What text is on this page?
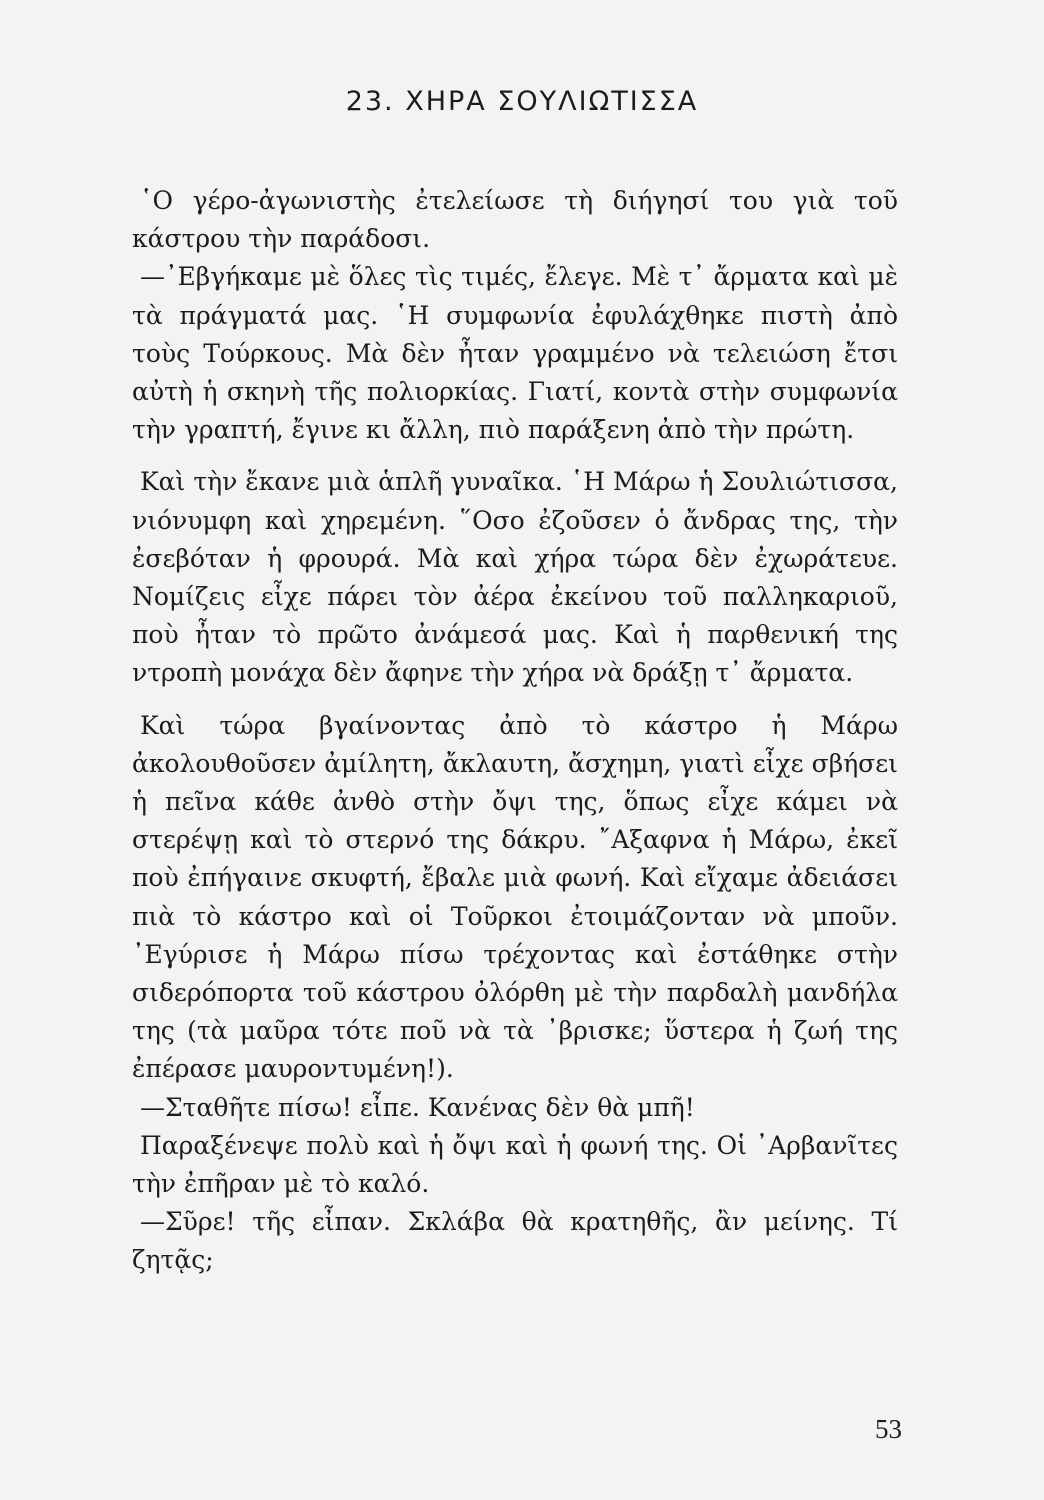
23. ΧΗΡΑ ΣΟΥΛΙΩΤΙΣΣΑ

῾Ο γέρο-ἀγωνιστὴς ἐτελείωσε τὴ διήγησί του γιὰ τοῦ κάστρου τὴν παράδοσι.

—᾿Εβγήκαμε μὲ ὅλες τὶς τιμές, ἔλεγε. Μὲ τ᾿ ἄρματα καὶ μὲ τὰ πράγματά μας. ῾Η συμφωνία ἐφυλάχθηκε πιστὴ ἀπὸ τοὺς Τούρκους. Μὰ δὲν ἦταν γραμμένο νὰ τελειώση ἔτσι αὐτὴ ἡ σκηνὴ τῆς πολιορκίας. Γιατί, κοντὰ στὴν συμφωνία τὴν γραπτή, ἔγινε κι ἄλλη, πιὸ παράξενη ἀπὸ τὴν πρώτη.

Καὶ τὴν ἔκανε μιὰ ἁπλῆ γυναῖκα. ῾Η Μάρω ἡ Σουλιώτισσα, νιόνυμφη καὶ χηρεμένη. ῞Οσο ἐζοῦσεν ὁ ἄνδρας της, τὴν ἐσεβόταν ἡ φρουρά. Μὰ καὶ χήρα τώρα δὲν ἐχωράτευε. Νομίζεις εἶχε πάρει τὸν ἀέρα ἐκείνου τοῦ παλληκαριοῦ, ποὺ ἦταν τὸ πρῶτο ἀνάμεσά μας. Καὶ ἡ παρθενική της ντροπὴ μονάχα δὲν ἄφηνε τὴν χήρα νὰ δράξῃ τ᾿ ἄρματα.

Καὶ τώρα βγαίνοντας ἀπὸ τὸ κάστρο ἡ Μάρω ἀκολουθοῦσεν ἀμίλητη, ἄκλαυτη, ἄσχημη, γιατὶ εἶχε σβήσει ἡ πεῖνα κάθε ἀνθὸ στὴν ὄψι της, ὅπως εἶχε κάμει νὰ στερέψῃ καὶ τὸ στερνό της δάκρυ. ῎Αξαφνα ἡ Μάρω, ἐκεῖ ποὺ ἐπήγαινε σκυφτή, ἔβαλε μιὰ φωνή. Καὶ εἴχαμε ἀδειάσει πιὰ τὸ κάστρο καὶ οἱ Τοῦρκοι ἐτοιμάζονταν νὰ μποῦν. ᾿Εγύρισε ἡ Μάρω πίσω τρέχοντας καὶ ἐστάθηκε στὴν σιδερόπορτα τοῦ κάστρου ὀλόρθη μὲ τὴν παρδαλὴ μανδήλα της (τὰ μαῦρα τότε ποῦ νὰ τὰ ᾿βρισκε; ὕστερα ἡ ζωή της ἐπέρασε μαυροντυμένη!).

—Σταθῆτε πίσω! εἶπε. Κανένας δὲν θὰ μπῆ!

Παραξένεψε πολὺ καὶ ἡ ὄψι καὶ ἡ φωνή της. Οἱ ᾿Αρβανῖτες τὴν ἐπῆραν μὲ τὸ καλό.

—Σῦρε! τῆς εἶπαν. Σκλάβα θὰ κρατηθῆς, ἂν μείνης. Τί ζητᾷς;

53
